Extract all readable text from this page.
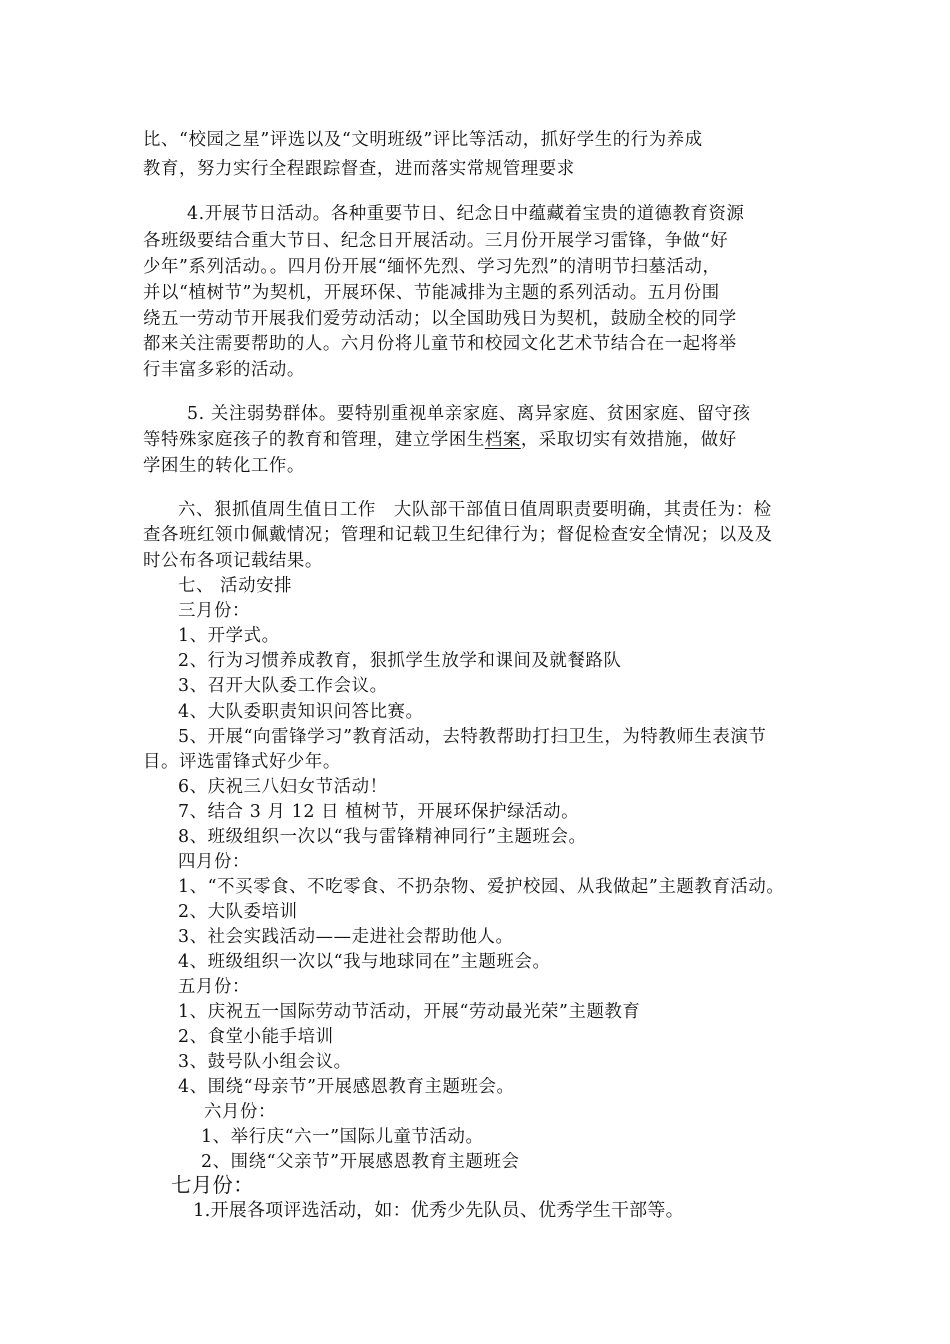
比、“校园之星”评选以及“文明班级”评比等活动，抓好学生的行为养成
教育，努力实行全程跟踪督查，进而落实常规管理要求
4.开展节日活动。各种重要节日、纪念日中蕴藏着宝贵的道德教育资源
各班级要结合重大节日、纪念日开展活动。三月份开展学习雷锋，争做“好
少年”系列活动。。四月份开展“缅怀先烈、学习先烈”的清明节扫墓活动，
并以“植树节”为契机，开展环保、节能减排为主题的系列活动。五月份围
绕五一劳动节开展我们爱劳动活动；以全国助残日为契机，鼓励全校的同学
都来关注需要帮助的人。六月份将儿童节和校园文化艺术节结合在一起将举
行丰富多彩的活动。
5. 关注弱势群体。要特别重视单亲家庭、离异家庭、贫困家庭、留守孩
等特殊家庭孩子的教育和管理，建立学困生档案，采取切实有效措施，做好
学困生的转化工作。
六、狠抓值周生值日工作　大队部干部值日值周职责要明确，其责任为：检
查各班红领巾佩戴情况；管理和记载卫生纪律行为；督促检查安全情况；以及及
时公布各项记载结果。
七、 活动安排
三月份：
1、开学式。
2、行为习惯养成教育，狠抓学生放学和课间及就餐路队
3、召开大队委工作会议。
4、大队委职责知识问答比赛。
5、开展“向雷锋学习”教育活动，去特教帮助打扫卫生，为特教师生表演节
目。评选雷锋式好少年。
6、庆祝三八妇女节活动！
7、结合 3 月 12 日 植树节，开展环保护绿活动。
8、班级组织一次以“我与雷锋精神同行”主题班会。
四月份：
1、“不买零食、不吃零食、不扔杂物、爱护校园、从我做起”主题教育活动。
2、大队委培训
3、社会实践活动——走进社会帮助他人。
4、班级组织一次以“我与地球同在”主题班会。
五月份：
1、庆祝五一国际劳动节活动，开展“劳动最光荣”主题教育
2、食堂小能手培训
3、鼓号队小组会议。
4、围绕“母亲节”开展感恩教育主题班会。
六月份：
1、举行庆“六一”国际儿童节活动。
2、围绕“父亲节”开展感恩教育主题班会
七月份：
1.开展各项评选活动，如：优秀少先队员、优秀学生干部等。
